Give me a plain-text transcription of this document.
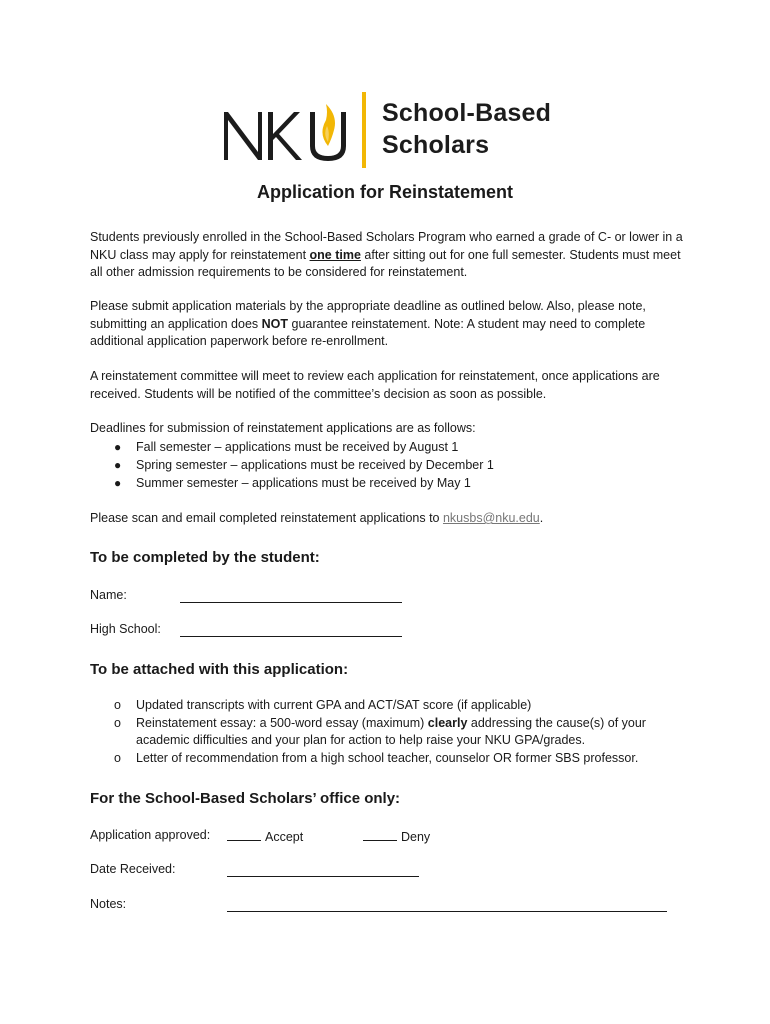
School-Based
Scholars
Application for Reinstatement
Students previously enrolled in the School-Based Scholars Program who earned a grade of C- or lower in a NKU class may apply for reinstatement one time after sitting out for one full semester. Students must meet all other admission requirements to be considered for reinstatement.
Please submit application materials by the appropriate deadline as outlined below. Also, please note, submitting an application does NOT guarantee reinstatement. Note: A student may need to complete additional application paperwork before re-enrollment.
A reinstatement committee will meet to review each application for reinstatement, once applications are received. Students will be notified of the committee’s decision as soon as possible.
Deadlines for submission of reinstatement applications are as follows:
● Fall semester – applications must be received by August 1
● Spring semester – applications must be received by December 1
● Summer semester – applications must be received by May 1
Please scan and email completed reinstatement applications to nkusbs@nku.edu.
To be completed by the student:
Name:
High School:
To be attached with this application:
o Updated transcripts with current GPA and ACT/SAT score (if applicable)
o Reinstatement essay: a 500-word essay (maximum) clearly addressing the cause(s) of your academic difficulties and your plan for action to help raise your NKU GPA/grades.
o Letter of recommendation from a high school teacher, counselor OR former SBS professor.
For the School-Based Scholars’ office only:
Application approved:	Accept	Deny
Date Received:
Notes:
